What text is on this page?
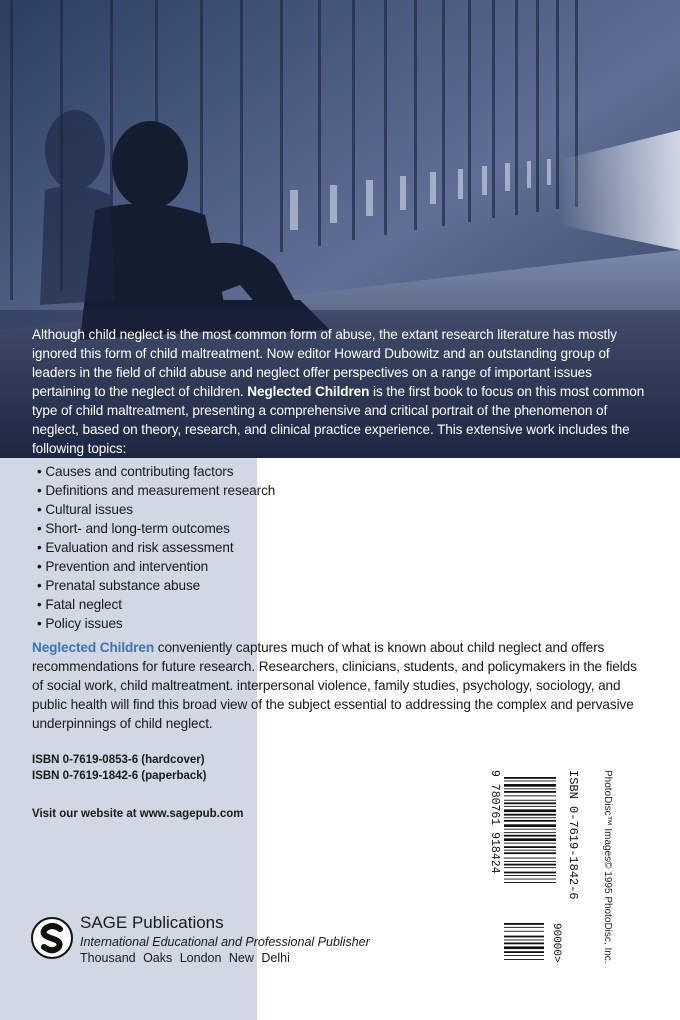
Although child neglect is the most common form of abuse, the extant research literature has mostly ignored this form of child maltreatment. Now editor Howard Dubowitz and an outstanding group of leaders in the field of child abuse and neglect offer perspectives on a range of important issues pertaining to the neglect of children. Neglected Children is the first book to focus on this most common type of child maltreatment, presenting a comprehensive and critical portrait of the phenomenon of neglect, based on theory, research, and clinical practice experience. This extensive work includes the following topics:
• Causes and contributing factors
• Definitions and measurement research
• Cultural issues
• Short- and long-term outcomes
• Evaluation and risk assessment
• Prevention and intervention
• Prenatal substance abuse
• Fatal neglect
• Policy issues
Neglected Children conveniently captures much of what is known about child neglect and offers recommendations for future research. Researchers, clinicians, students, and policymakers in the fields of social work, child maltreatment. interpersonal violence, family studies, psychology, sociology, and public health will find this broad view of the subject essential to addressing the complex and pervasive underpinnings of child neglect.
ISBN 0-7619-0853-6 (hardcover)
ISBN 0-7619-1842-6 (paperback)
Visit our website at www.sagepub.com
SAGE Publications
International Educational and Professional Publisher
Thousand Oaks London New Delhi
9 780761 918424	ISBN 0-7619-1842-6
90000>	PhotoDisc™ Images© 1995 PhotoDisc, Inc.
